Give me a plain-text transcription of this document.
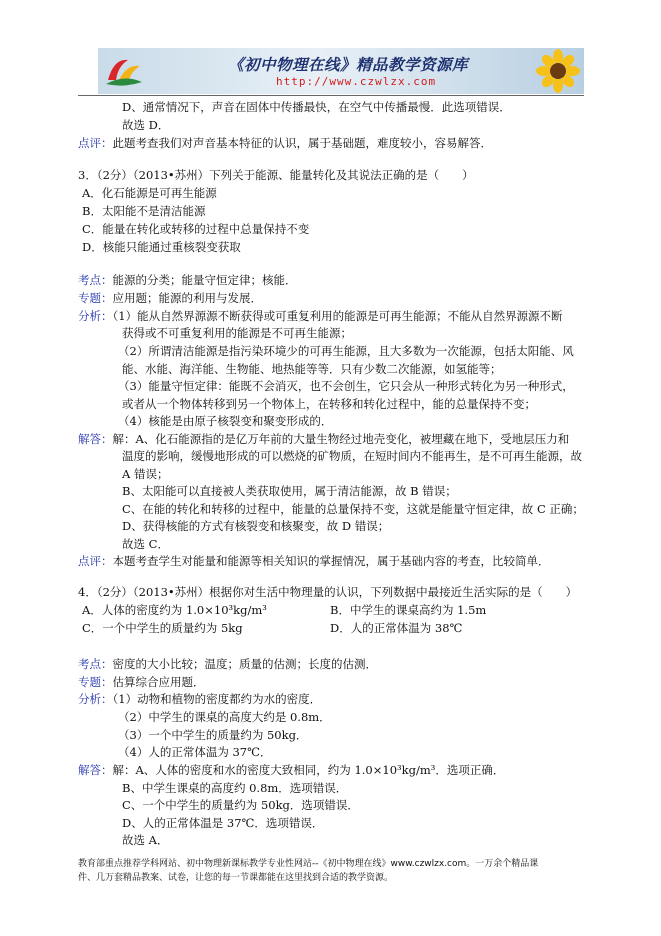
《初中物理在线》精品教学资源库
http://www.czwlzx.com
D、通常情况下，声音在固体中传播最快，在空气中传播最慢．此选项错误．
故选 D．
点评：此题考查我们对声音基本特征的认识，属于基础题，难度较小，容易解答．
3．（2分）（2013•苏州）下列关于能源、能量转化及其说法正确的是（　　）
A．化石能源是可再生能源
B．太阳能不是清洁能源
C．能量在转化或转移的过程中总量保持不变
D．核能只能通过重核裂变获取
考点：能源的分类；能量守恒定律；核能．
专题：应用题；能源的利用与发展．
分析：（1）能从自然界源源不断获得或可重复利用的能源是可再生能源；不能从自然界源源不断
获得或不可重复利用的能源是不可再生能源；
（2）所谓清洁能源是指污染环境少的可再生能源，且大多数为一次能源，包括太阳能、风
能、水能、海洋能、生物能、地热能等等．只有少数二次能源，如氢能等；
（3）能量守恒定律：能既不会消灭，也不会创生，它只会从一种形式转化为另一种形式，
或者从一个物体转移到另一个物体上，在转移和转化过程中，能的总量保持不变；
（4）核能是由原子核裂变和聚变形成的．
解答：解：A、化石能源指的是亿万年前的大量生物经过地壳变化，被埋藏在地下，受地层压力和
温度的影响，缓慢地形成的可以燃烧的矿物质，在短时间内不能再生，是不可再生能源，故
A 错误；
B、太阳能可以直接被人类获取使用，属于清洁能源，故 B 错误；
C、在能的转化和转移的过程中，能量的总量保持不变，这就是能量守恒定律，故 C 正确；
D、获得核能的方式有核裂变和核聚变，故 D 错误；
故选 C．
点评：本题考查学生对能量和能源等相关知识的掌握情况，属于基础内容的考查，比较简单．
4．（2分）（2013•苏州）根据你对生活中物理量的认识，下列数据中最接近生活实际的是（　　）
A．人体的密度约为 1.0×10³kg/m³	B．中学生的课桌高约为 1.5m
C．一个中学生的质量约为 5kg	D．人的正常体温为 38℃
考点：密度的大小比较；温度；质量的估测；长度的估测．
专题：估算综合应用题．
分析：（1）动物和植物的密度都约为水的密度．
（2）中学生的课桌的高度大约是 0.8m．
（3）一个中学生的质量约为 50kg．
（4）人的正常体温为 37℃．
解答：解：A、人体的密度和水的密度大致相同，约为 1.0×10³kg/m³．选项正确．
B、中学生课桌的高度约 0.8m．选项错误．
C、一个中学生的质量约为 50kg．选项错误．
D、人的正常体温是 37℃．选项错误．
故选 A．
教育部重点推荐学科网站、初中物理新课标教学专业性网站--《初中物理在线》www.czwlzx.com。一万余个精品课
件、几万套精品教案、试卷，让您的每一节课都能在这里找到合适的教学资源。
